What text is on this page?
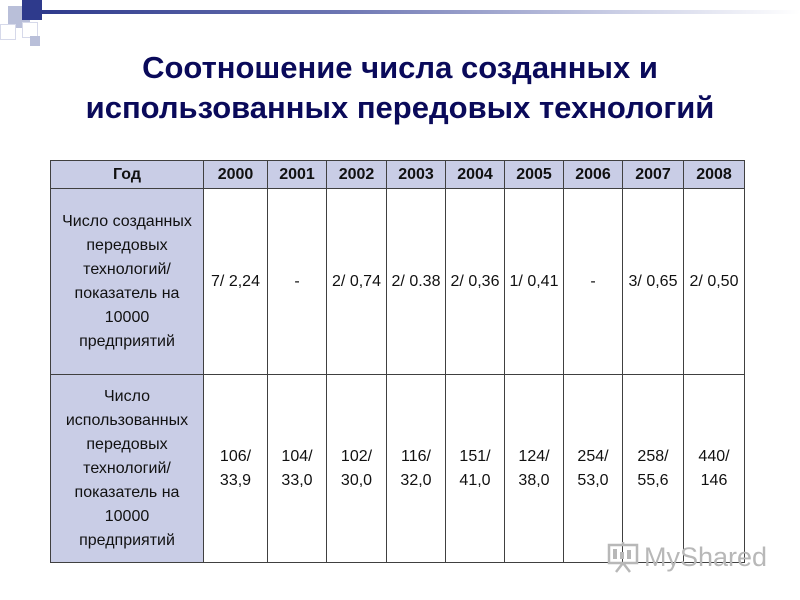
Соотношение числа созданных и
использованных передовых технологий
Год	2000	2001	2002	2003	2004	2005	2006	2007	2008
Число созданных передовых технологий/ показатель на 10000 предприятий	7/ 2,24	-	2/ 0,74	2/ 0.38	2/ 0,36	1/ 0,41	-	3/ 0,65	2/ 0,50
Число использованных передовых технологий/ показатель на 10000 предприятий	106/ 33,9	104/ 33,0	102/ 30,0	116/ 32,0	151/ 41,0	124/ 38,0	254/ 53,0	258/ 55,6	440/ 146
MyShared
